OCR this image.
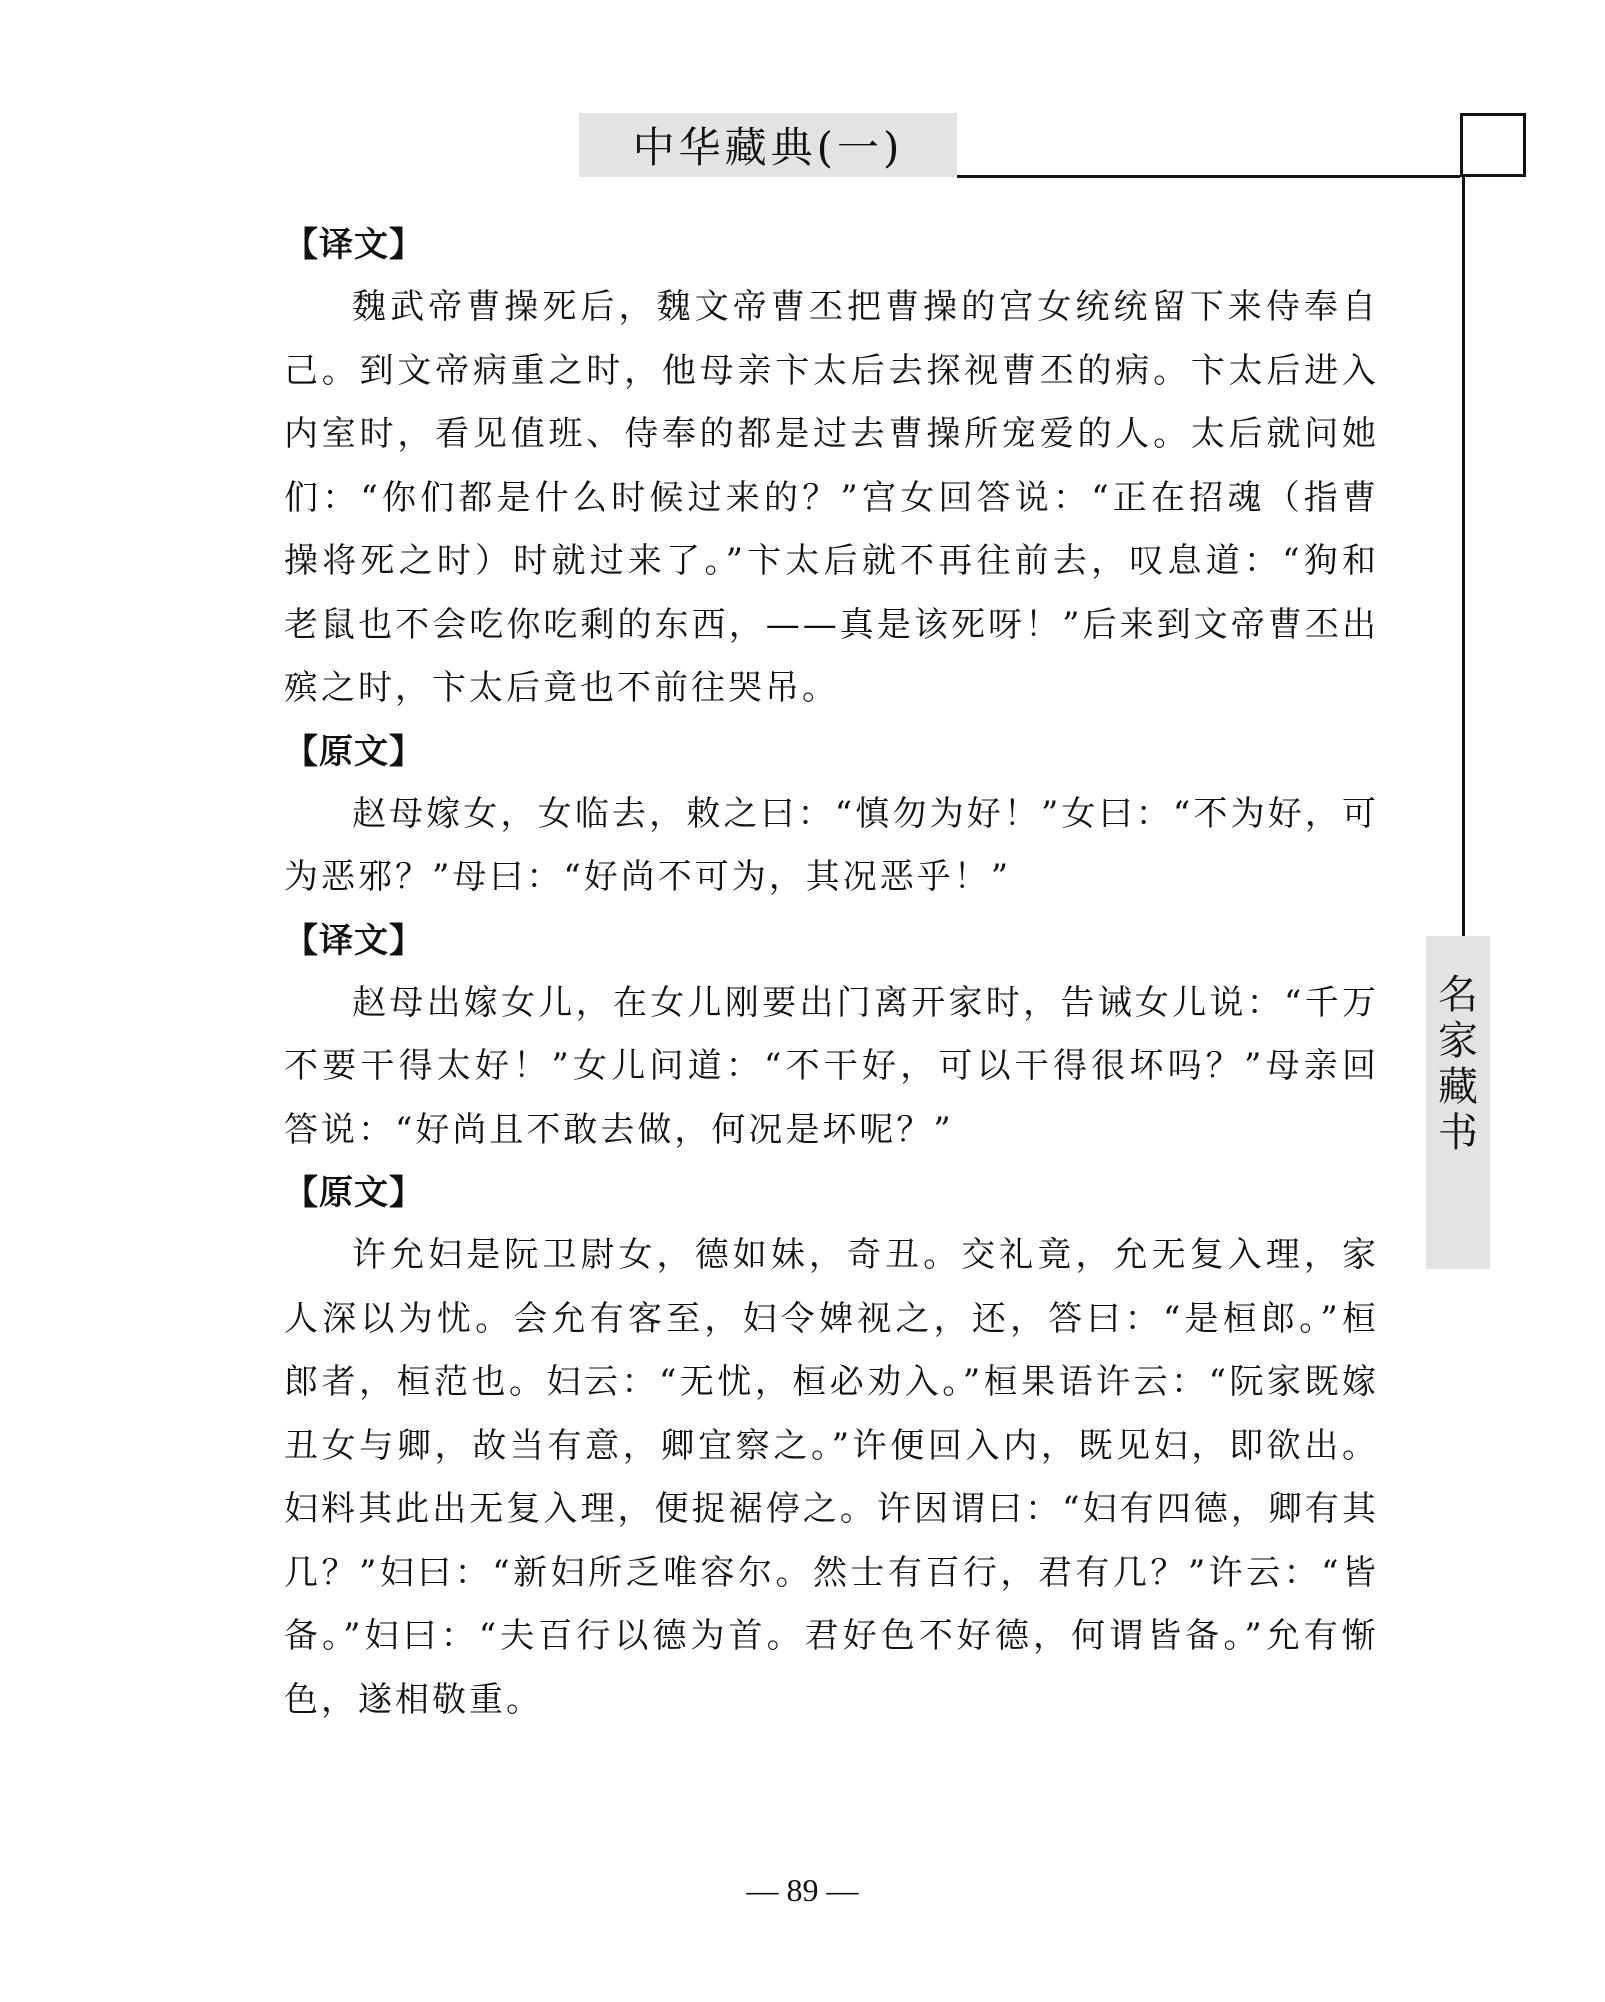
中华藏典(一)
名
家
藏
书
【译文】

魏武帝曹操死后，魏文帝曹丕把曹操的宫女统统留下来侍奉自己。到文帝病重之时，他母亲卞太后去探视曹丕的病。卞太后进入内室时，看见值班、侍奉的都是过去曹操所宠爱的人。太后就问她们：“你们都是什么时候过来的？”宫女回答说：“正在招魂（指曹操将死之时）时就过来了。”卞太后就不再往前去，叹息道：“狗和老鼠也不会吃你吃剩的东西，——真是该死呀！”后来到文帝曹丕出殡之时，卞太后竟也不前往哭吊。

【原文】

赵母嫁女，女临去，敕之曰：“慎勿为好！”女曰：“不为好，可为恶邪？”母曰：“好尚不可为，其况恶乎！”

【译文】

赵母出嫁女儿，在女儿刚要出门离开家时，告诫女儿说：“千万不要干得太好！”女儿问道：“不干好，可以干得很坏吗？”母亲回答说：“好尚且不敢去做，何况是坏呢？”

【原文】

许允妇是阮卫尉女，德如妹，奇丑。交礼竟，允无复入理，家人深以为忧。会允有客至，妇令婢视之，还，答曰：“是桓郎。”桓郎者，桓范也。妇云：“无忧，桓必劝入。”桓果语许云：“阮家既嫁丑女与卿，故当有意，卿宜察之。”许便回入内，既见妇，即欲出。妇料其此出无复入理，便捉裾停之。许因谓曰：“妇有四德，卿有其几？”妇曰：“新妇所乏唯容尔。然士有百行，君有几？”许云：“皆备。”妇曰：“夫百行以德为首。君好色不好德，何谓皆备。”允有惭色，遂相敬重。

— 89 —
